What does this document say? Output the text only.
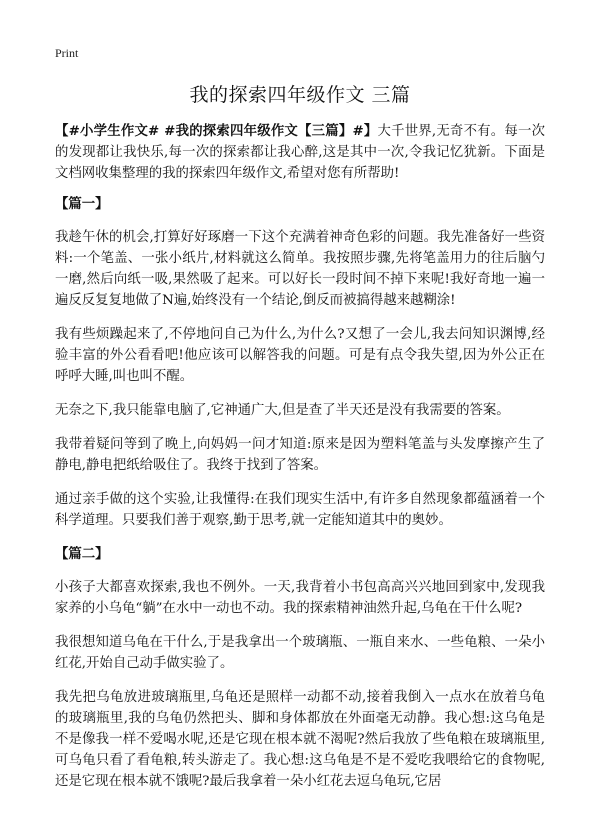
Print
我的探索四年级作文 三篇

【#小学生作文# #我的探索四年级作文【三篇】#】大千世界,无奇不有。每一次的发现都让我快乐,每一次的探索都让我心醉,这是其中一次,令我记忆犹新。下面是文档网收集整理的我的探索四年级作文,希望对您有所帮助!

【篇一】

我趁午休的机会,打算好好琢磨一下这个充满着神奇色彩的问题。我先准备好一些资料:一个笔盖、一张小纸片,材料就这么简单。我按照步骤,先将笔盖用力的往后脑勺一磨,然后向纸一吸,果然吸了起来。可以好长一段时间不掉下来呢!我好奇地一遍一遍反反复复地做了N遍,始终没有一个结论,倒反而被搞得越来越糊涂!

我有些烦躁起来了,不停地问自己为什么,为什么?又想了一会儿,我去问知识渊博,经验丰富的外公看看吧!他应该可以解答我的问题。可是有点令我失望,因为外公正在呼呼大睡,叫也叫不醒。

无奈之下,我只能靠电脑了,它神通广大,但是查了半天还是没有我需要的答案。

我带着疑问等到了晚上,向妈妈一问才知道:原来是因为塑料笔盖与头发摩擦产生了静电,静电把纸给吸住了。我终于找到了答案。

通过亲手做的这个实验,让我懂得:在我们现实生活中,有许多自然现象都蕴涵着一个科学道理。只要我们善于观察,勤于思考,就一定能知道其中的奥妙。

【篇二】

小孩子大都喜欢探索,我也不例外。一天,我背着小书包高高兴兴地回到家中,发现我家养的小乌龟“躺”在水中一动也不动。我的探索精神油然升起,乌龟在干什么呢?

我很想知道乌龟在干什么,于是我拿出一个玻璃瓶、一瓶自来水、一些龟粮、一朵小红花,开始自己动手做实验了。

我先把乌龟放进玻璃瓶里,乌龟还是照样一动都不动,接着我倒入一点水在放着乌龟的玻璃瓶里,我的乌龟仍然把头、脚和身体都放在外面毫无动静。我心想:这乌龟是不是像我一样不爱喝水呢,还是它现在根本就不渴呢?然后我放了些龟粮在玻璃瓶里,可乌龟只看了看龟粮,转头游走了。我心想:这乌龟是不是不爱吃我喂给它的食物呢,还是它现在根本就不饿呢?最后我拿着一朵小红花去逗乌龟玩,它居
